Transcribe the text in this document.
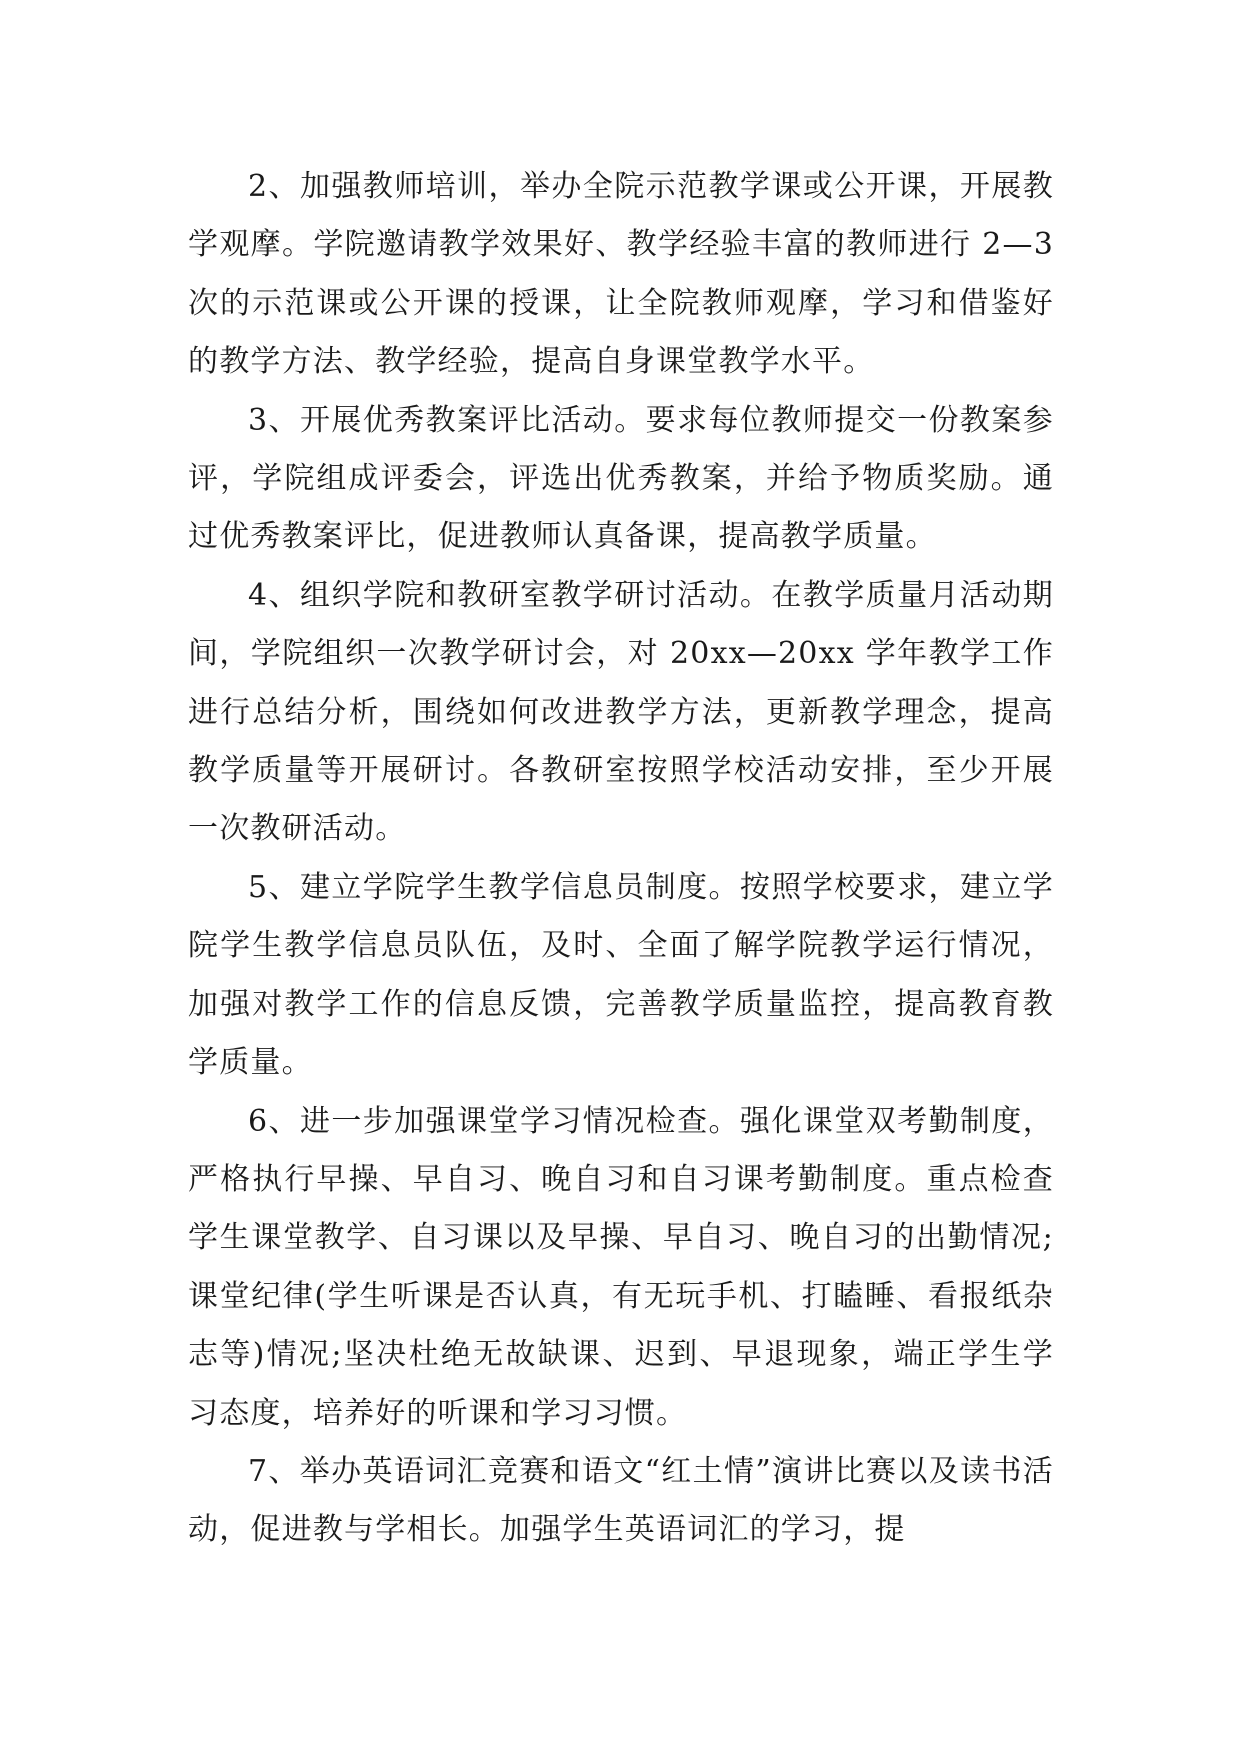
2、加强教师培训，举办全院示范教学课或公开课，开展教学观摩。学院邀请教学效果好、教学经验丰富的教师进行 2—3 次的示范课或公开课的授课，让全院教师观摩，学习和借鉴好的教学方法、教学经验，提高自身课堂教学水平。

3、开展优秀教案评比活动。要求每位教师提交一份教案参评，学院组成评委会，评选出优秀教案，并给予物质奖励。通过优秀教案评比，促进教师认真备课，提高教学质量。

4、组织学院和教研室教学研讨活动。在教学质量月活动期间，学院组织一次教学研讨会，对 20xx—20xx 学年教学工作进行总结分析，围绕如何改进教学方法，更新教学理念，提高教学质量等开展研讨。各教研室按照学校活动安排，至少开展一次教研活动。

5、建立学院学生教学信息员制度。按照学校要求，建立学院学生教学信息员队伍，及时、全面了解学院教学运行情况，加强对教学工作的信息反馈，完善教学质量监控，提高教育教学质量。

6、进一步加强课堂学习情况检查。强化课堂双考勤制度，严格执行早操、早自习、晚自习和自习课考勤制度。重点检查学生课堂教学、自习课以及早操、早自习、晚自习的出勤情况;课堂纪律(学生听课是否认真，有无玩手机、打瞌睡、看报纸杂志等)情况;坚决杜绝无故缺课、迟到、早退现象，端正学生学习态度，培养好的听课和学习习惯。

7、举办英语词汇竞赛和语文“红土情”演讲比赛以及读书活动，促进教与学相长。加强学生英语词汇的学习，提
